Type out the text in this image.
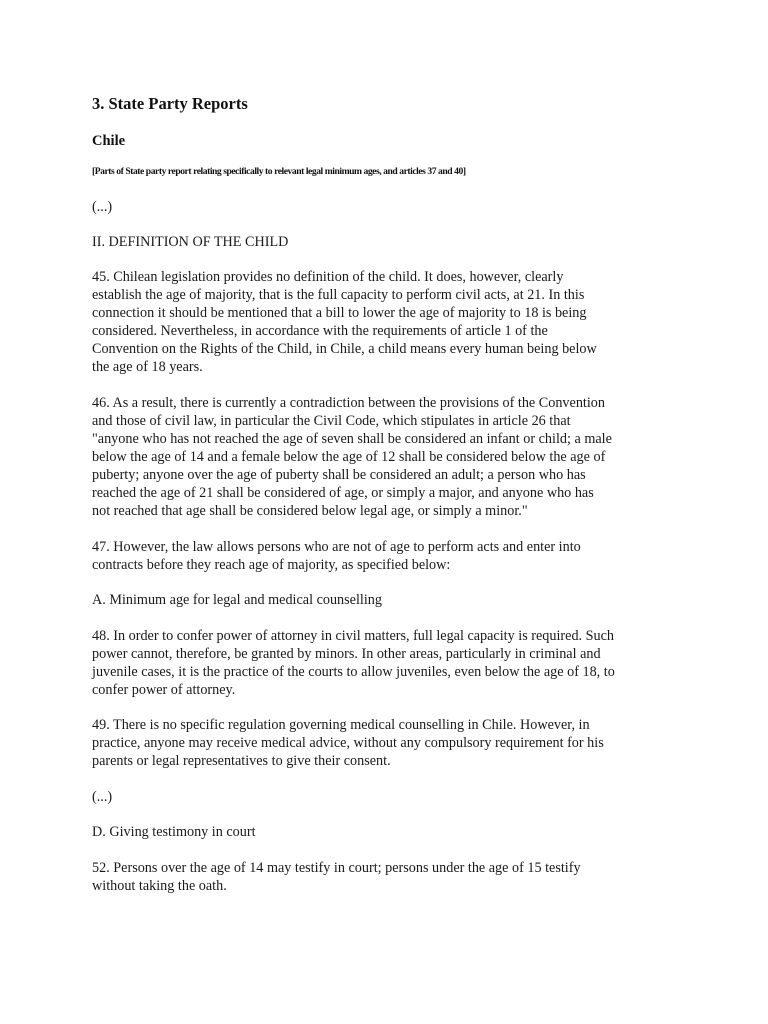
3. State Party Reports
Chile

[Parts of State party report relating specifically to relevant legal minimum ages, and articles 37 and 40]

(...)

II. DEFINITION OF THE CHILD

45. Chilean legislation provides no definition of the child. It does, however, clearly
establish the age of majority, that is the full capacity to perform civil acts, at 21. In this
connection it should be mentioned that a bill to lower the age of majority to 18 is being
considered. Nevertheless, in accordance with the requirements of article 1 of the
Convention on the Rights of the Child, in Chile, a child means every human being below
the age of 18 years.

46. As a result, there is currently a contradiction between the provisions of the Convention
and those of civil law, in particular the Civil Code, which stipulates in article 26 that
"anyone who has not reached the age of seven shall be considered an infant or child; a male
below the age of 14 and a female below the age of 12 shall be considered below the age of
puberty; anyone over the age of puberty shall be considered an adult; a person who has
reached the age of 21 shall be considered of age, or simply a major, and anyone who has
not reached that age shall be considered below legal age, or simply a minor."

47. However, the law allows persons who are not of age to perform acts and enter into
contracts before they reach age of majority, as specified below:

A. Minimum age for legal and medical counselling

48. In order to confer power of attorney in civil matters, full legal capacity is required. Such
power cannot, therefore, be granted by minors. In other areas, particularly in criminal and
juvenile cases, it is the practice of the courts to allow juveniles, even below the age of 18, to
confer power of attorney.

49. There is no specific regulation governing medical counselling in Chile. However, in
practice, anyone may receive medical advice, without any compulsory requirement for his
parents or legal representatives to give their consent.

(...)

D. Giving testimony in court

52. Persons over the age of 14 may testify in court; persons under the age of 15 testify
without taking the oath.
